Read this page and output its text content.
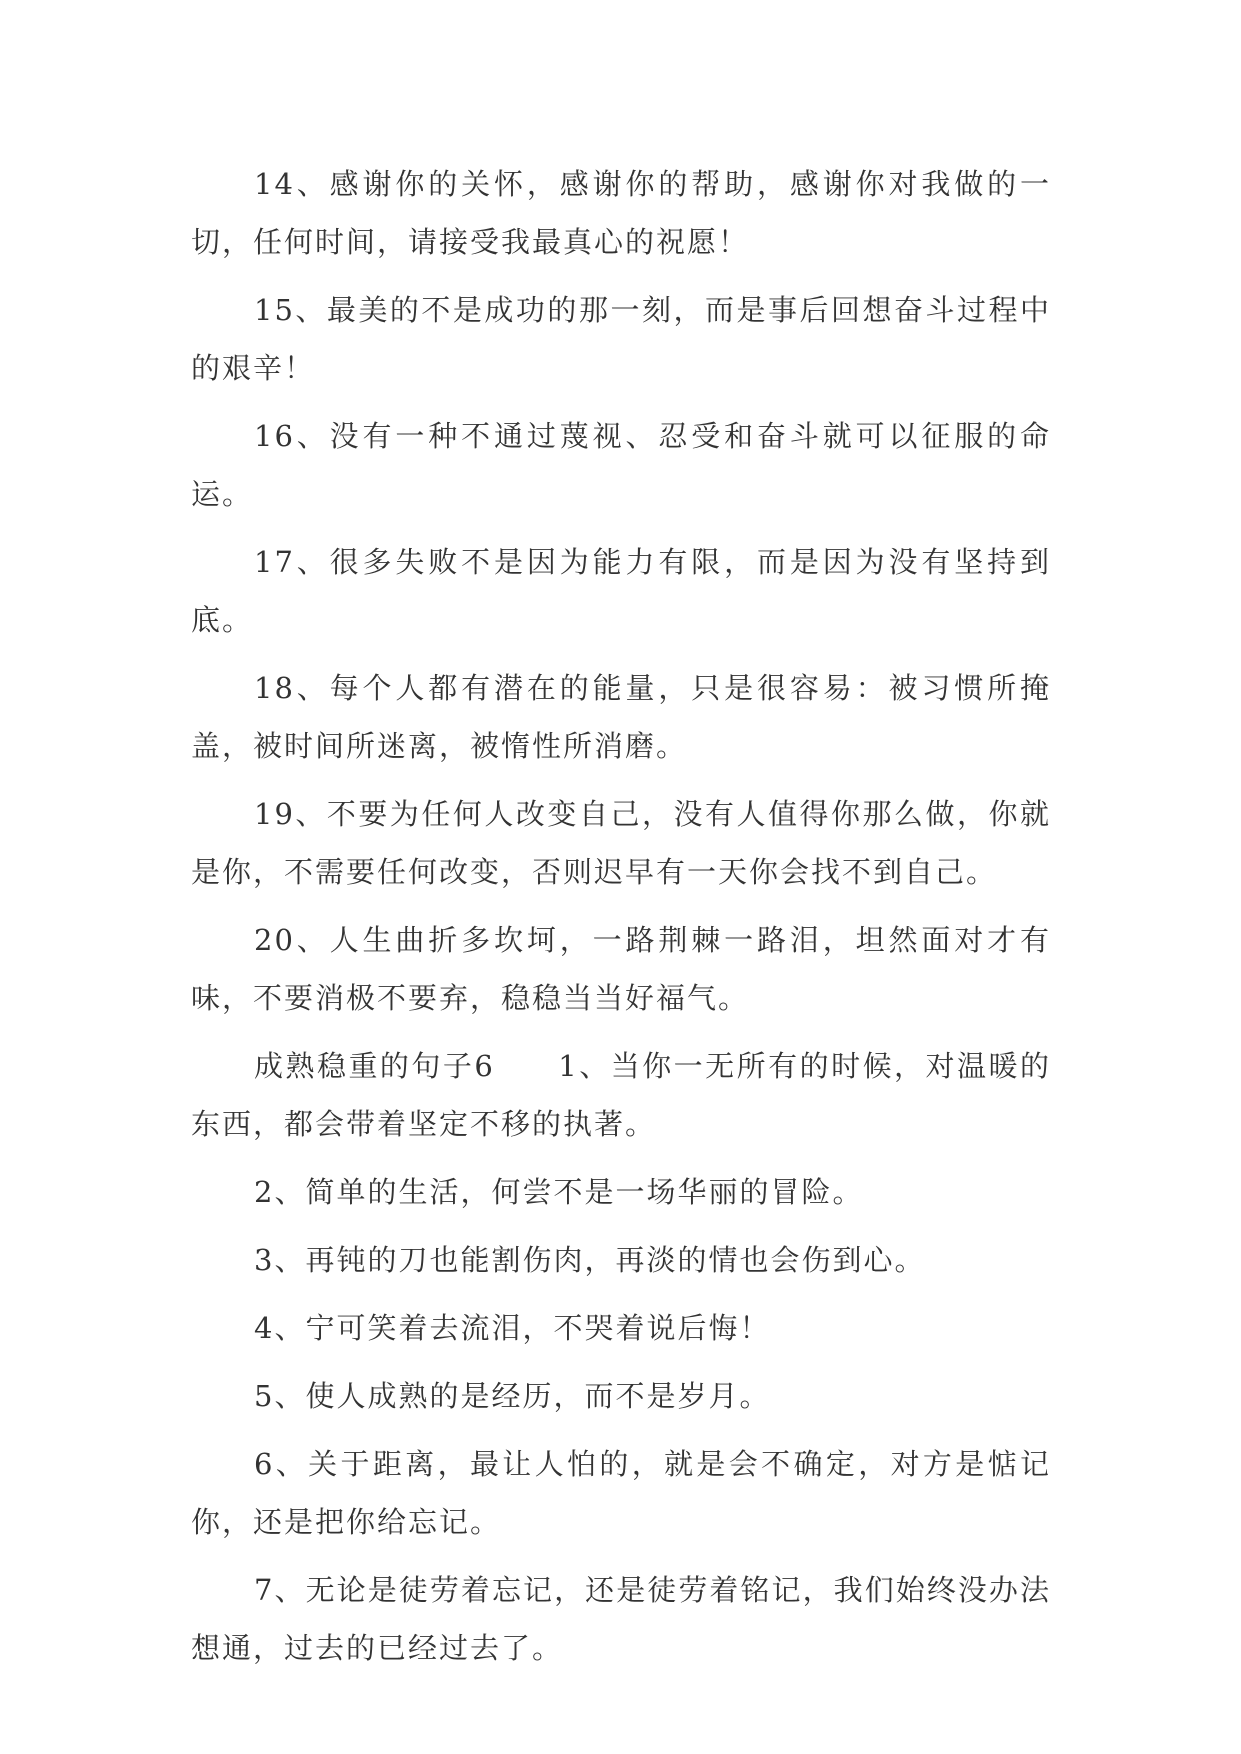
14、感谢你的关怀，感谢你的帮助，感谢你对我做的一切，任何时间，请接受我最真心的祝愿！

15、最美的不是成功的那一刻，而是事后回想奋斗过程中的艰辛！

16、没有一种不通过蔑视、忍受和奋斗就可以征服的命运。

17、很多失败不是因为能力有限，而是因为没有坚持到底。

18、每个人都有潜在的能量，只是很容易：被习惯所掩盖，被时间所迷离，被惰性所消磨。

19、不要为任何人改变自己，没有人值得你那么做，你就是你，不需要任何改变，否则迟早有一天你会找不到自己。

20、人生曲折多坎坷，一路荆棘一路泪，坦然面对才有味，不要消极不要弃，稳稳当当好福气。

成熟稳重的句子6　　1、当你一无所有的时候，对温暖的东西，都会带着坚定不移的执著。

2、简单的生活，何尝不是一场华丽的冒险。

3、再钝的刀也能割伤肉，再淡的情也会伤到心。

4、宁可笑着去流泪，不哭着说后悔！

5、使人成熟的是经历，而不是岁月。

6、关于距离，最让人怕的，就是会不确定，对方是惦记你，还是把你给忘记。

7、无论是徒劳着忘记，还是徒劳着铭记，我们始终没办法想通，过去的已经过去了。
